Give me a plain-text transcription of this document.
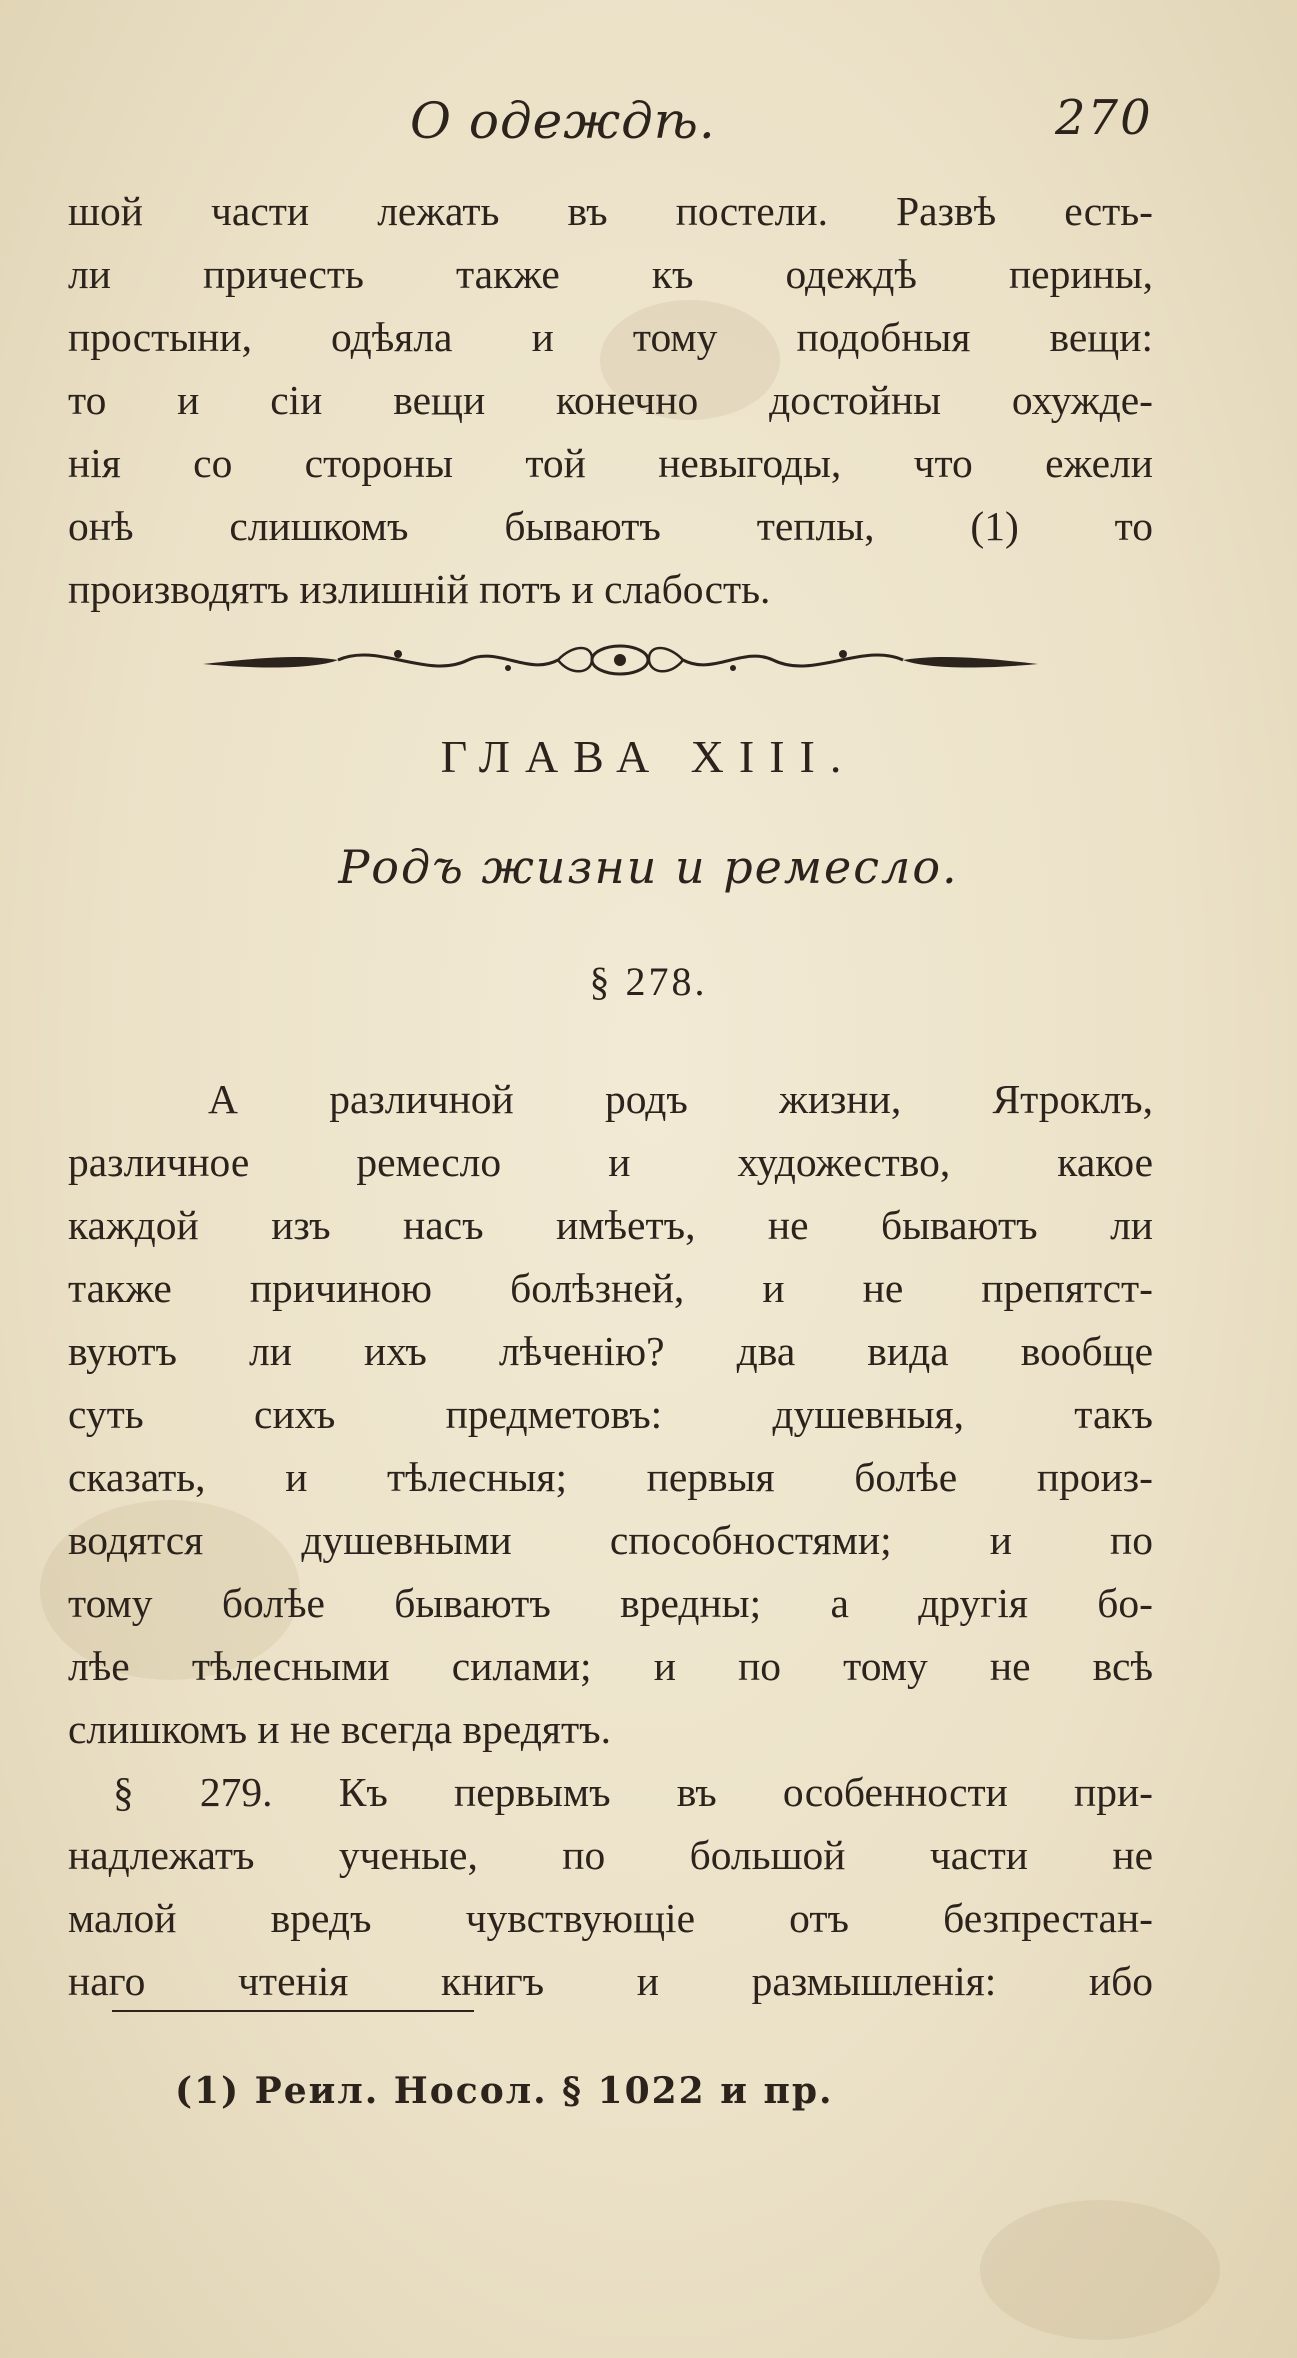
О одеждѣ.	270
шой части лежать въ постели. Развѣ есть-
ли причесть также къ одеждѣ перины,
простыни, одѣяла и тому подобныя вещи:
то и сіи вещи конечно достойны охужде-
нія со стороны той невыгоды, что ежели
онѣ слишкомъ бываютъ теплы, (1) то
производятъ излишній потъ и слабость.
ГЛАВА XIII.
Родъ жизни и ремесло.
§ 278.
А различной родъ жизни, Ятроклъ,
различное ремесло и художество, какое
каждой изъ насъ имѣетъ, не бываютъ ли
также причиною болѣзней, и не препятст-
вуютъ ли ихъ лѣченію? два вида вообще
суть сихъ предметовъ: душевныя, такъ
сказать, и тѣлесныя; первыя болѣе произ-
водятся душевными способностями; и по
тому болѣе бываютъ вредны; а другія бо-
лѣе тѣлесными силами; и по тому не всѣ
слишкомъ и не всегда вредятъ.
§ 279. Къ первымъ въ особенности при-
надлежатъ ученые, по большой части не
малой вредъ чувствующіе отъ безпрестан-
наго чтенія книгъ и размышленія: ибо
(1) Реил. Носол. § 1022 и пр.
